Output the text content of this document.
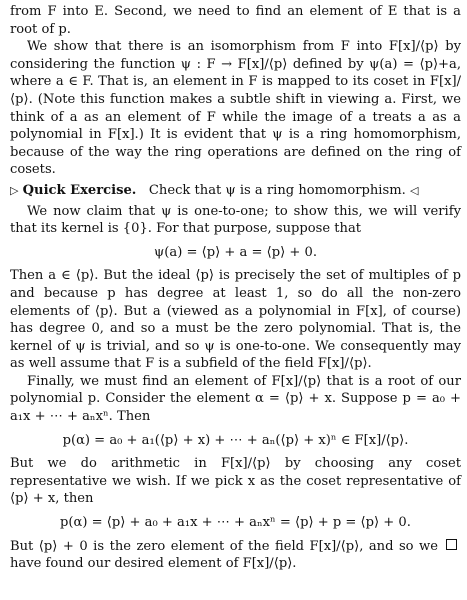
from F into E. Second, we need to find an element of E that is a root of p.

We show that there is an isomorphism from F into F[x]/⟨p⟩ by considering the function ψ : F → F[x]/⟨p⟩ defined by ψ(a) = ⟨p⟩+a, where a ∈ F. That is, an element in F is mapped to its coset in F[x]/⟨p⟩. (Note this function makes a subtle shift in viewing a. First, we think of a as an element of F while the image of a treats a as a polynomial in F[x].) It is evident that ψ is a ring homomorphism, because of the way the ring operations are defined on the ring of cosets.

▷ Quick Exercise. Check that ψ is a ring homomorphism. ◁

We now claim that ψ is one-to-one; to show this, we will verify that its kernel is {0}. For that purpose, suppose that

ψ(a) = ⟨p⟩ + a = ⟨p⟩ + 0.

Then a ∈ ⟨p⟩. But the ideal ⟨p⟩ is precisely the set of multiples of p and because p has degree at least 1, so do all the non-zero elements of ⟨p⟩. But a (viewed as a polynomial in F[x], of course) has degree 0, and so a must be the zero polynomial. That is, the kernel of ψ is trivial, and so ψ is one-to-one. We consequently may as well assume that F is a subfield of the field F[x]/⟨p⟩.

Finally, we must find an element of F[x]/⟨p⟩ that is a root of our polynomial p. Consider the element α = ⟨p⟩ + x. Suppose p = a₀ + a₁x + ⋯ + aₙxⁿ. Then

p(α) = a₀ + a₁(⟨p⟩ + x) + ⋯ + aₙ(⟨p⟩ + x)ⁿ ∈ F[x]/⟨p⟩.

But we do arithmetic in F[x]/⟨p⟩ by choosing any coset representative we wish. If we pick x as the coset representative of ⟨p⟩ + x, then

p(α) = ⟨p⟩ + a₀ + a₁x + ⋯ + aₙxⁿ = ⟨p⟩ + p = ⟨p⟩ + 0.

But ⟨p⟩ + 0 is the zero element of the field F[x]/⟨p⟩, and so we have found our desired element of F[x]/⟨p⟩.
